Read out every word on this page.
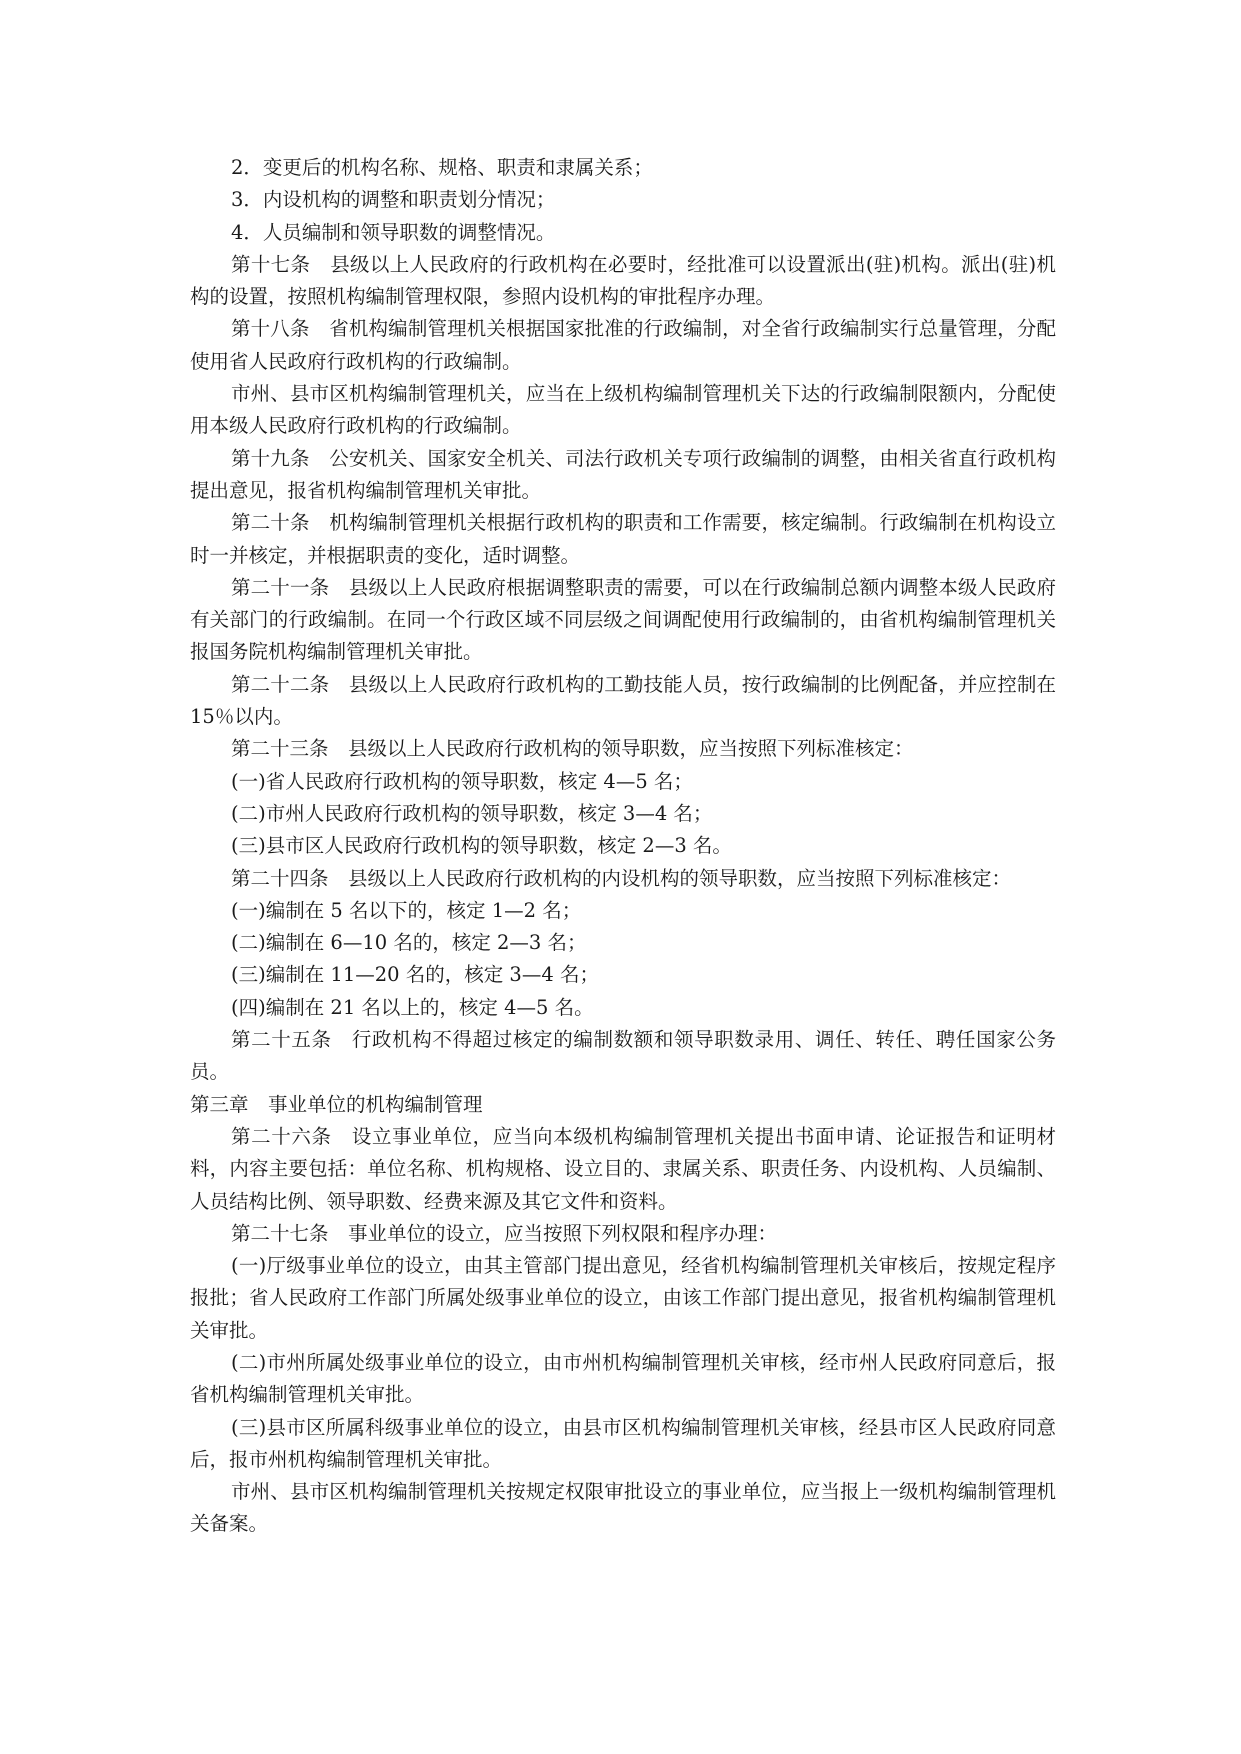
2．变更后的机构名称、规格、职责和隶属关系；

3．内设机构的调整和职责划分情况；

4．人员编制和领导职数的调整情况。

第十七条　县级以上人民政府的行政机构在必要时，经批准可以设置派出(驻)机构。派出(驻)机构的设置，按照机构编制管理权限，参照内设机构的审批程序办理。

第十八条　省机构编制管理机关根据国家批准的行政编制，对全省行政编制实行总量管理，分配使用省人民政府行政机构的行政编制。

市州、县市区机构编制管理机关，应当在上级机构编制管理机关下达的行政编制限额内，分配使用本级人民政府行政机构的行政编制。

第十九条　公安机关、国家安全机关、司法行政机关专项行政编制的调整，由相关省直行政机构提出意见，报省机构编制管理机关审批。

第二十条　机构编制管理机关根据行政机构的职责和工作需要，核定编制。行政编制在机构设立时一并核定，并根据职责的变化，适时调整。

第二十一条　县级以上人民政府根据调整职责的需要，可以在行政编制总额内调整本级人民政府有关部门的行政编制。在同一个行政区域不同层级之间调配使用行政编制的，由省机构编制管理机关报国务院机构编制管理机关审批。

第二十二条　县级以上人民政府行政机构的工勤技能人员，按行政编制的比例配备，并应控制在 15％以内。

第二十三条　县级以上人民政府行政机构的领导职数，应当按照下列标准核定：

(一)省人民政府行政机构的领导职数，核定 4—5 名；

(二)市州人民政府行政机构的领导职数，核定 3—4 名；

(三)县市区人民政府行政机构的领导职数，核定 2—3 名。

第二十四条　县级以上人民政府行政机构的内设机构的领导职数，应当按照下列标准核定：

(一)编制在 5 名以下的，核定 1—2 名；

(二)编制在 6—10 名的，核定 2—3 名；

(三)编制在 11—20 名的，核定 3—4 名；

(四)编制在 21 名以上的，核定 4—5 名。

第二十五条　行政机构不得超过核定的编制数额和领导职数录用、调任、转任、聘任国家公务员。

第三章　事业单位的机构编制管理

第二十六条　设立事业单位，应当向本级机构编制管理机关提出书面申请、论证报告和证明材料，内容主要包括：单位名称、机构规格、设立目的、隶属关系、职责任务、内设机构、人员编制、人员结构比例、领导职数、经费来源及其它文件和资料。

第二十七条　事业单位的设立，应当按照下列权限和程序办理：

(一)厅级事业单位的设立，由其主管部门提出意见，经省机构编制管理机关审核后，按规定程序报批；省人民政府工作部门所属处级事业单位的设立，由该工作部门提出意见，报省机构编制管理机关审批。

(二)市州所属处级事业单位的设立，由市州机构编制管理机关审核，经市州人民政府同意后，报省机构编制管理机关审批。

(三)县市区所属科级事业单位的设立，由县市区机构编制管理机关审核，经县市区人民政府同意后，报市州机构编制管理机关审批。

市州、县市区机构编制管理机关按规定权限审批设立的事业单位，应当报上一级机构编制管理机关备案。
